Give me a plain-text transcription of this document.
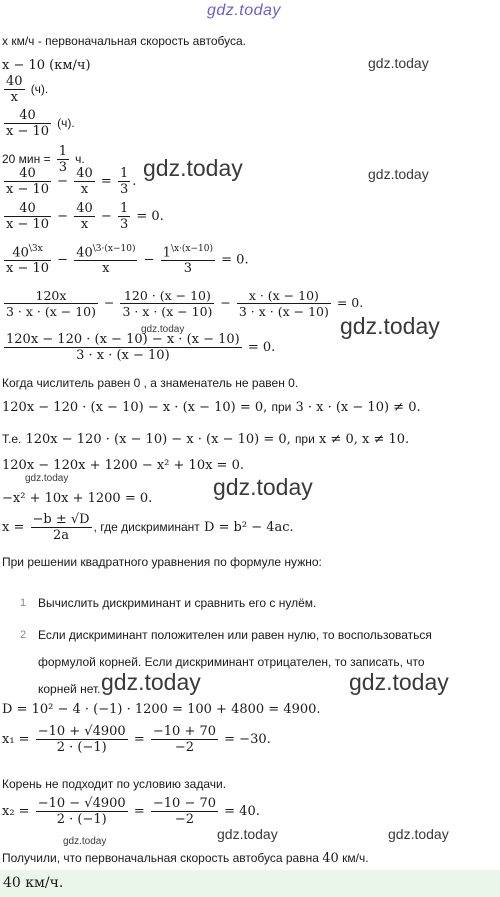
gdz.today
x км/ч - первоначальная скорость автобуса.
x − 10 (км/ч)	gdz.today
$\frac{40}{x} (ч)$.
$\frac{40}{x - 10} (ч)$.
20 мин = $\frac{1}{3} ч$.
$\frac{40}{x - 10} - \frac{40}{x} = \frac{1}{3}$ .
gdz.today	gdz.today
$\frac{40}{x - 10} - \frac{40}{x} - \frac{1}{3} = 0$.
$\frac{40^{\backslash 3x}}{x - 10} - \frac{40^{\backslash 3\cdot(x-10)}}{x} - \frac{1^{\backslash x\cdot(x-10)}}{3} = 0$.
$\frac{120x}{3 \cdot x \cdot (x - 10)} - \frac{120 \cdot (x - 10)}{3 \cdot x \cdot (x - 10)} - \frac{x \cdot (x - 10)}{3 \cdot x \cdot (x - 10)} = 0$.
gdz.today	gdz.today
$\frac{120x - 120 \cdot (x - 10) - x \cdot (x - 10)}{3 \cdot x \cdot (x - 10)} = 0$.
Когда числитель равен 0 , а знаменатель не равен 0.
120x − 120 · (x − 10) − x · (x − 10) = 0, при 3 · x · (x − 10) ≠ 0.
Т.е. 120x − 120 · (x − 10) − x · (x − 10) = 0, при x ≠ 0, x ≠ 10.
120x − 120x + 1200 − x² + 10x = 0.
gdz.today
−x² + 10x + 1200 = 0.	gdz.today
$x = \frac{-b \pm √D}{2a}$ , где дискриминант D = b² − 4ac.
При решении квадратного уравнения по формуле нужно:
1 Вычислить дискриминант и сравнить его с нулём.
2 Если дискриминант положителен или равен нулю, то воспользоваться
формулой корней. Если дискриминант отрицателен, то записать, что
корней нет. gdz.today	gdz.today
D = 10² − 4 · (−1) · 1200 = 100 + 4800 = 4900.
$x_1 = \frac{-10 + √4900}{2 \cdot (-1)} = \frac{-10 + 70}{-2} = -30$.
Корень не подходит по условию задачи.
$x_2 = \frac{-10 - √4900}{2 \cdot (-1)} = \frac{-10 - 70}{-2} = 40$.
gdz.today	gdz.today	gdz.today
Получили, что первоначальная скорость автобуса равна 40 км/ч.
40 км/ч.
